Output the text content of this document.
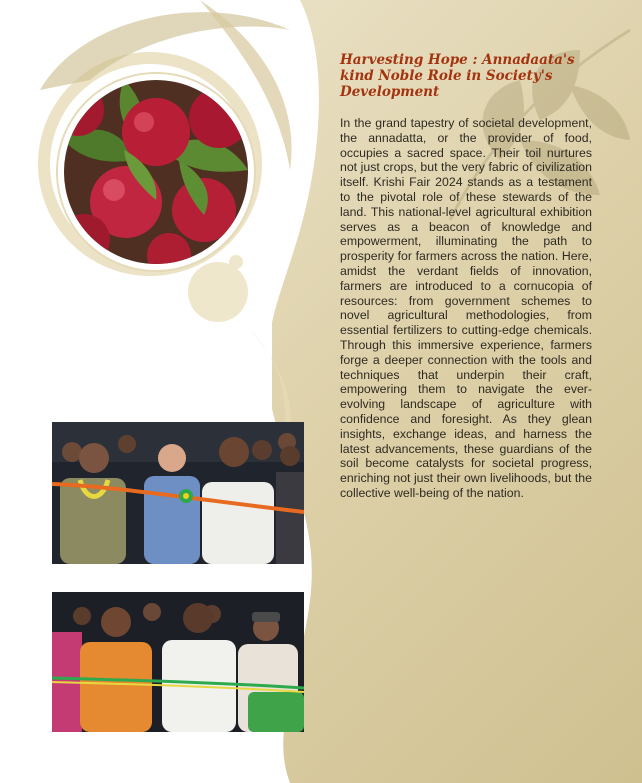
Harvesting Hope : Annadaata's kind Noble Role in Society's Development

In the grand tapestry of societal development, the annadatta, or the provider of food, occupies a sacred space. Their toil nurtures not just crops, but the very fabric of civilization itself. Krishi Fair 2024 stands as a testament to the pivotal role of these stewards of the land. This national-level agricultural exhibition serves as a beacon of knowledge and empowerment, illuminating the path to prosperity for farmers across the nation. Here, amidst the verdant fields of innovation, farmers are introduced to a cornucopia of resources: from government schemes to novel agricultural methodologies, from essential fertilizers to cutting-edge chemicals. Through this immersive experience, farmers forge a deeper connection with the tools and techniques that underpin their craft, empowering them to navigate the ever-evolving landscape of agriculture with confidence and foresight. As they glean insights, exchange ideas, and harness the latest advancements, these guardians of the soil become catalysts for societal progress, enriching not just their own livelihoods, but the collective well-being of the nation.
